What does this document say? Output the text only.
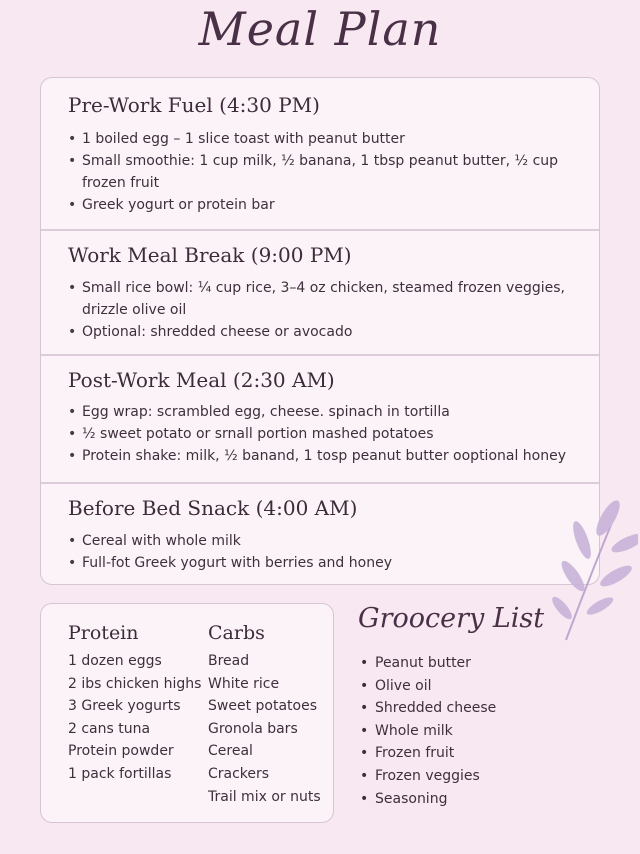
Meal Plan
Pre-Work Fuel (4:30 PM)
• 1 boiled egg – 1 slice toast with peanut butter
• Small smoothie: 1 cup milk, ½ banana, 1 tbsp peanut butter, ½ cup frozen fruit
• Greek yogurt or protein bar
Work Meal Break (9:00 PM)
• Small rice bowl: ¼ cup rice, 3–4 oz chicken, steamed frozen veggies, drizzle olive oil
• Optional: shredded cheese or avocado
Post-Work Meal (2:30 AM)
• Egg wrap: scrambled egg, cheese. spinach in tortilla
• ½ sweet potato or srnall portion mashed potatoes
• Protein shake: milk, ½ banand, 1 tosp peanut butter ooptional honey
Before Bed Snack (4:00 AM)
• Cereal with whole milk
• Full-fot Greek yogurt with berries and honey
Protein
1 dozen eggs
2 ibs chicken highs
3 Greek yogurts
2 cans tuna
Protein powder
1 pack fortillas
Carbs
Bread
White rice
Sweet potatoes
Gronola bars
Cereal
Crackers
Trail mix or nuts
Groocery List
• Peanut butter
• Olive oil
• Shredded cheese
• Whole milk
• Frozen fruit
• Frozen veggies
• Seasoning
